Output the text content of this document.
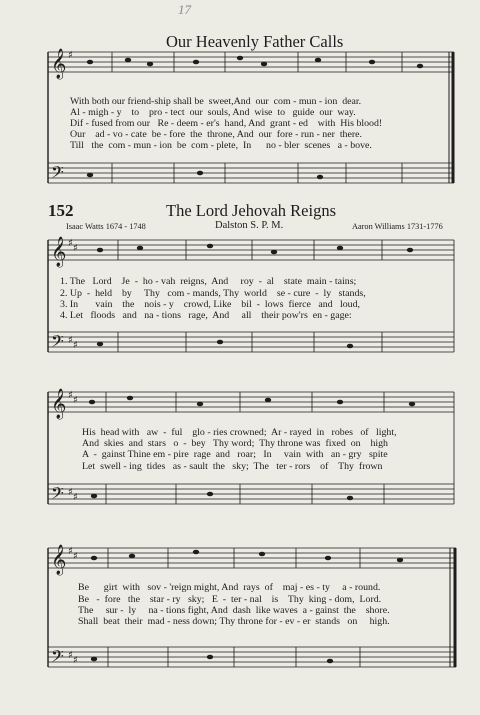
17
Our Heavenly Father Calls
𝄞
𝄢
𝄞
𝄢
𝄞
𝄢
𝄞
𝄢
♯
♯ ♯
♯ ♯
♯ ♯
♯ ♯
♯ ♯
♯ ♯
With both our friend-ship shall be  sweet,And  our  com - mun - ion  dear.
Al - migh - y    to    pro - tect  our  souls, And  wise  to   guide  our  way.
Dif - fused from our   Re - deem - er's  hand, And  grant - ed    with  His blood!
Our    ad - vo - cate  be - fore  the  throne, And  our  fore - run - ner  there.
Till   the  com - mun - ion  be  com - plete,  In      no - bler  scenes   a - bove.
152	The Lord Jehovah Reigns
Isaac Watts 1674 - 1748	Dalston S. P. M.	Aaron Williams 1731-1776
1. The   Lord    Je  -  ho - vah  reigns,  And     roy  -  al    state  main - tains;
2. Up  -  held    by     Thy   com - mands, Thy  world    se - cure  -  ly   stands,
3. In       vain    the    nois - y    crowd, Like    bil  -  lows  fierce   and   loud,
4. Let   floods   and   na - tions   rage,  And     all    their pow'rs  en - gage:
His  head with   aw  -  ful    glo - ries crowned;  Ar - rayed  in   robes   of   light,
And  skies  and  stars   o  -  bey   Thy word;  Thy throne was  fixed  on    high
A  -  gainst Thine em - pire  rage  and   roar;   In     vain  with   an - gry   spite
Let  swell - ing  tides   as - sault  the   sky;  The   ter - rors    of    Thy  frown
Be      girt  with   sov - 'reign might, And  rays  of    maj - es - ty     a - round.
Be   -  fore   the    star - ry   sky;   E  -  ter - nal    is    Thy  king - dom,  Lord.
The     sur -  ly     na - tions fight, And  dash  like waves  a - gainst  the    shore.
Shall  beat  their  mad - ness down; Thy throne for - ev - er  stands   on     high.
